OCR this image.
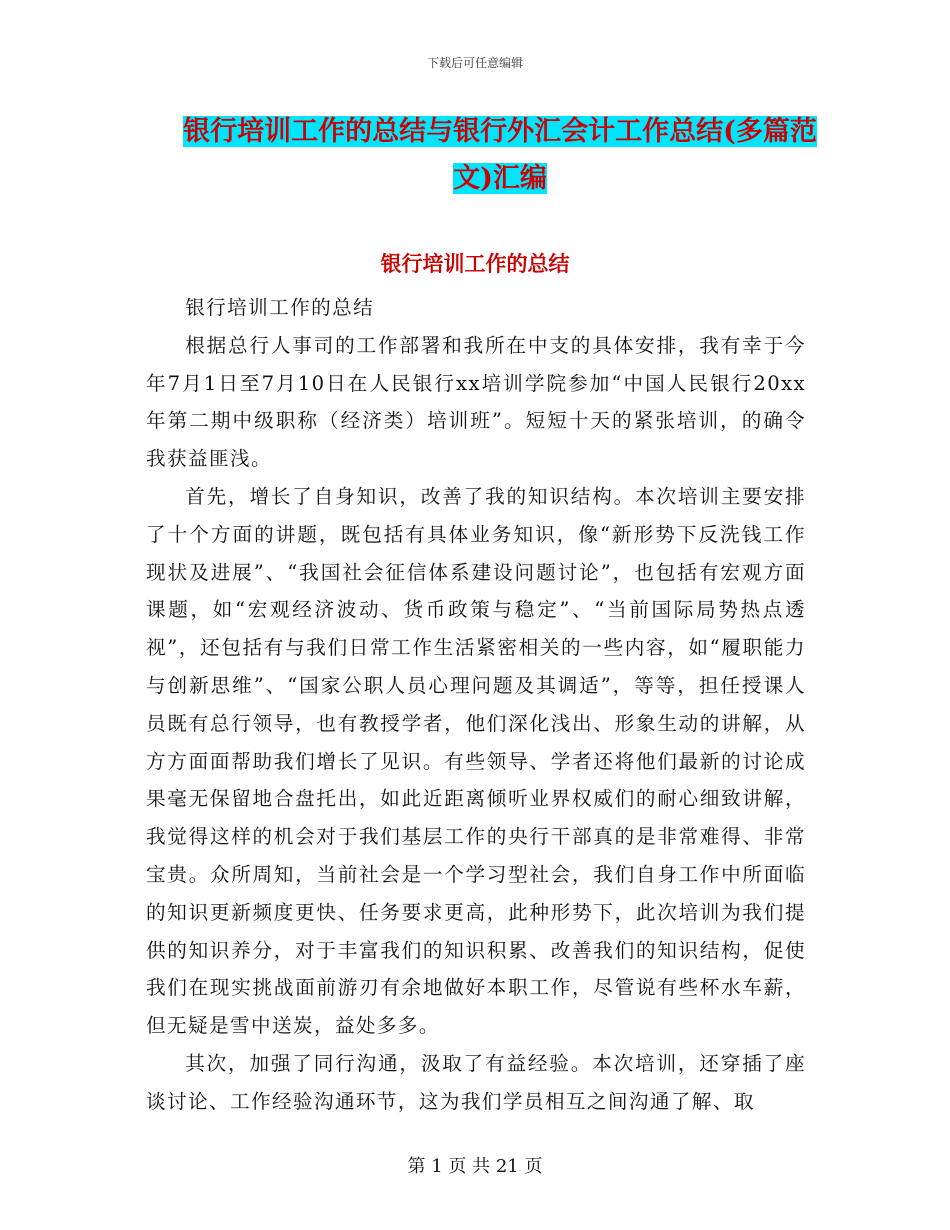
下载后可任意编辑
银行培训工作的总结与银行外汇会计工作总结(多篇范文)汇编
银行培训工作的总结

银行培训工作的总结

根据总行人事司的工作部署和我所在中支的具体安排，我有幸于今年7月1日至7月10日在人民银行xx培训学院参加“中国人民银行20xx年第二期中级职称（经济类）培训班”。短短十天的紧张培训，的确令我获益匪浅。

首先，增长了自身知识，改善了我的知识结构。本次培训主要安排了十个方面的讲题，既包括有具体业务知识，像“新形势下反洗钱工作现状及进展”、“我国社会征信体系建设问题讨论”，也包括有宏观方面课题，如“宏观经济波动、货币政策与稳定”、“当前国际局势热点透视”，还包括有与我们日常工作生活紧密相关的一些内容，如“履职能力与创新思维”、“国家公职人员心理问题及其调适”，等等，担任授课人员既有总行领导，也有教授学者，他们深化浅出、形象生动的讲解，从方方面面帮助我们增长了见识。有些领导、学者还将他们最新的讨论成果毫无保留地合盘托出，如此近距离倾听业界权威们的耐心细致讲解，我觉得这样的机会对于我们基层工作的央行干部真的是非常难得、非常宝贵。众所周知，当前社会是一个学习型社会，我们自身工作中所面临的知识更新频度更快、任务要求更高，此种形势下，此次培训为我们提供的知识养分，对于丰富我们的知识积累、改善我们的知识结构，促使我们在现实挑战面前游刃有余地做好本职工作，尽管说有些杯水车薪，但无疑是雪中送炭，益处多多。

其次，加强了同行沟通，汲取了有益经验。本次培训，还穿插了座谈讨论、工作经验沟通环节，这为我们学员相互之间沟通了解、取

第 1 页 共 21 页
